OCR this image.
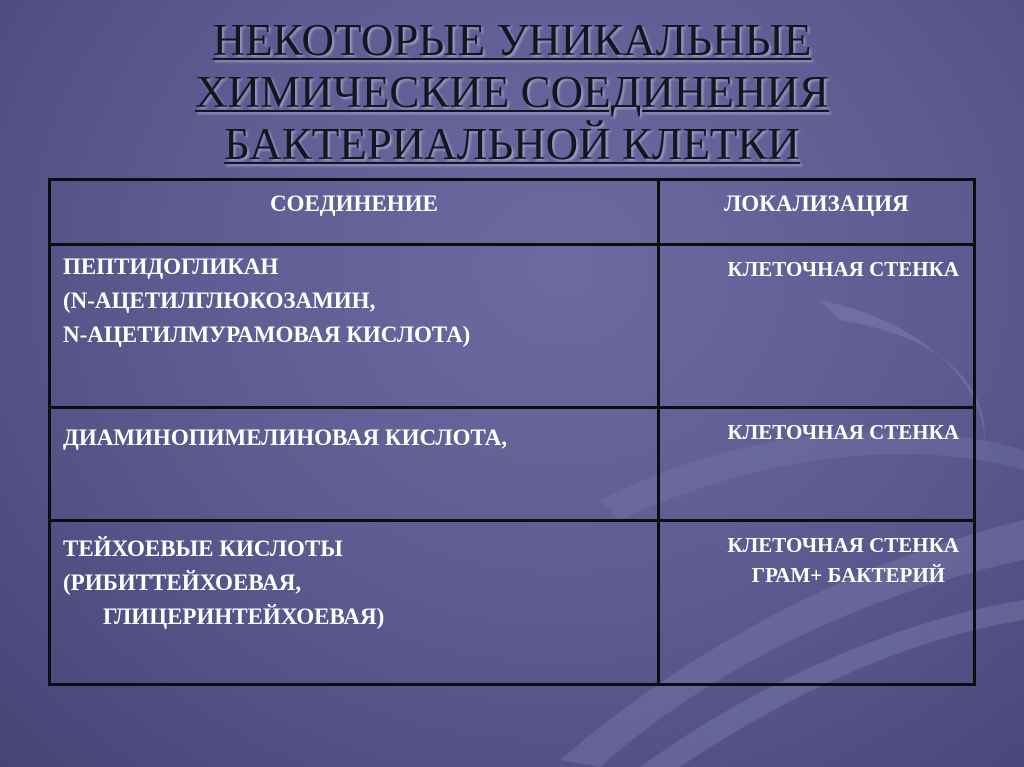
НЕКОТОРЫЕ УНИКАЛЬНЫЕ
ХИМИЧЕСКИЕ СОЕДИНЕНИЯ
БАКТЕРИАЛЬНОЙ КЛЕТКИ
СОЕДИНЕНИЕ	ЛОКАЛИЗАЦИЯ

ПЕПТИДОГЛИКАН
(N-АЦЕТИЛГЛЮКОЗАМИН,
N-АЦЕТИЛМУРАМОВАЯ КИСЛОТА)	КЛЕТОЧНАЯ СТЕНКА

ДИАМИНОПИМЕЛИНОВАЯ КИСЛОТА,	КЛЕТОЧНАЯ СТЕНКА

ТЕЙХОЕВЫЕ КИСЛОТЫ
(РИБИТТЕЙХОЕВАЯ,
ГЛИЦЕРИНТЕЙХОЕВАЯ)	КЛЕТОЧНАЯ СТЕНКА
ГРАМ+ БАКТЕРИЙ
